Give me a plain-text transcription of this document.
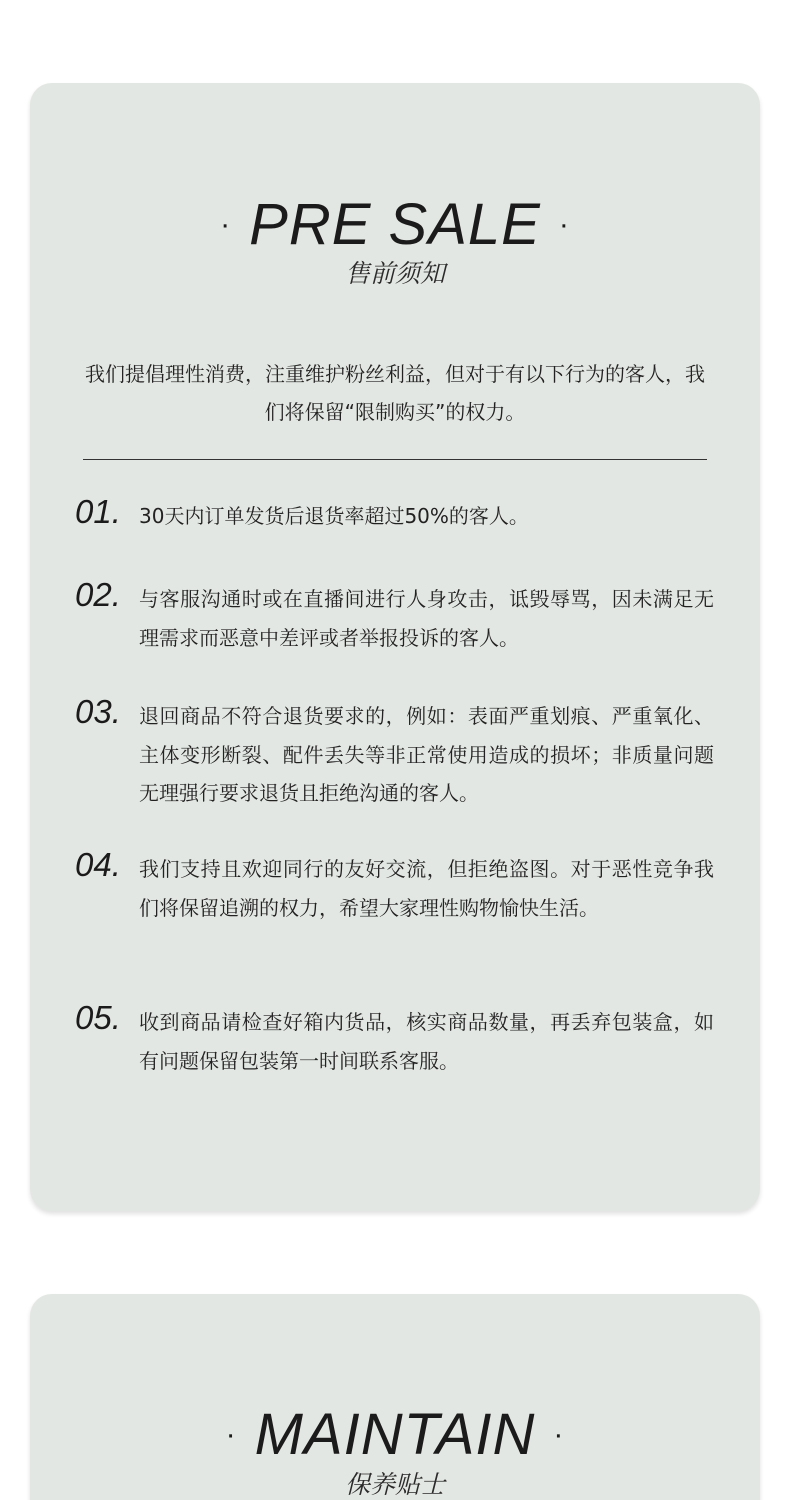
· PRE SALE ·
售前须知
我们提倡理性消费，注重维护粉丝利益，但对于有以下行为的客人，我们将保留“限制购买”的权力。
01. 30天内订单发货后退货率超过50%的客人。
02. 与客服沟通时或在直播间进行人身攻击，诋毁辱骂，因未满足无理需求而恶意中差评或者举报投诉的客人。
03. 退回商品不符合退货要求的，例如：表面严重划痕、严重氧化、主体变形断裂、配件丢失等非正常使用造成的损坏；非质量问题无理强行要求退货且拒绝沟通的客人。
04. 我们支持且欢迎同行的友好交流，但拒绝盗图。对于恶性竞争我们将保留追溯的权力，希望大家理性购物愉快生活。
05. 收到商品请检查好箱内货品，核实商品数量，再丢弃包装盒，如有问题保留包装第一时间联系客服。
· MAINTAIN ·
保养贴士
